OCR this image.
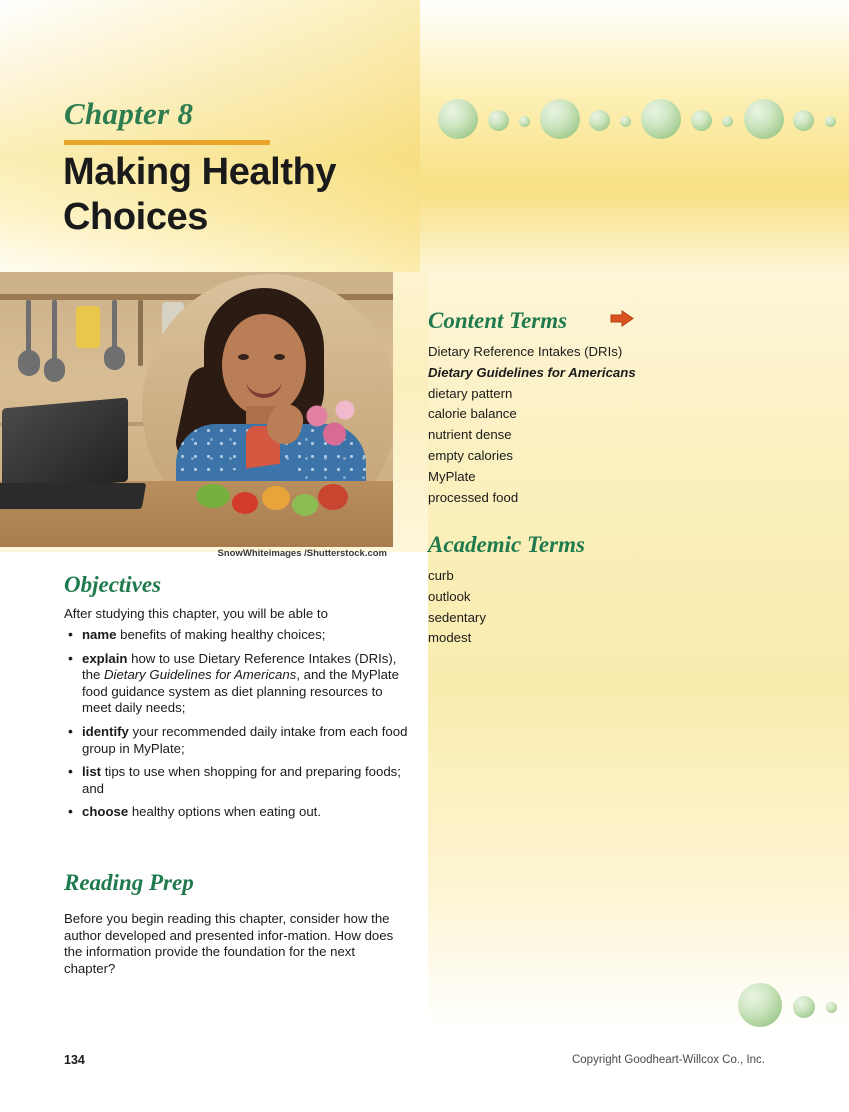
Chapter 8
Making Healthy Choices
SnowWhiteimages /Shutterstock.com
Objectives
After studying this chapter, you will be able to
• name benefits of making healthy choices;
• explain how to use Dietary Reference Intakes (DRIs), the Dietary Guidelines for Americans, and the MyPlate food guidance system as diet planning resources to meet daily needs;
• identify your recommended daily intake from each food group in MyPlate;
• list tips to use when shopping for and preparing foods; and
• choose healthy options when eating out.
Reading Prep
Before you begin reading this chapter, consider how the author developed and presented infor-mation. How does the information provide the foundation for the next chapter?
Content Terms
Dietary Reference Intakes (DRIs)
Dietary Guidelines for Americans
dietary pattern
calorie balance
nutrient dense
empty calories
MyPlate
processed food
Academic Terms
curb
outlook
sedentary
modest
134	Copyright Goodheart-Willcox Co., Inc.
